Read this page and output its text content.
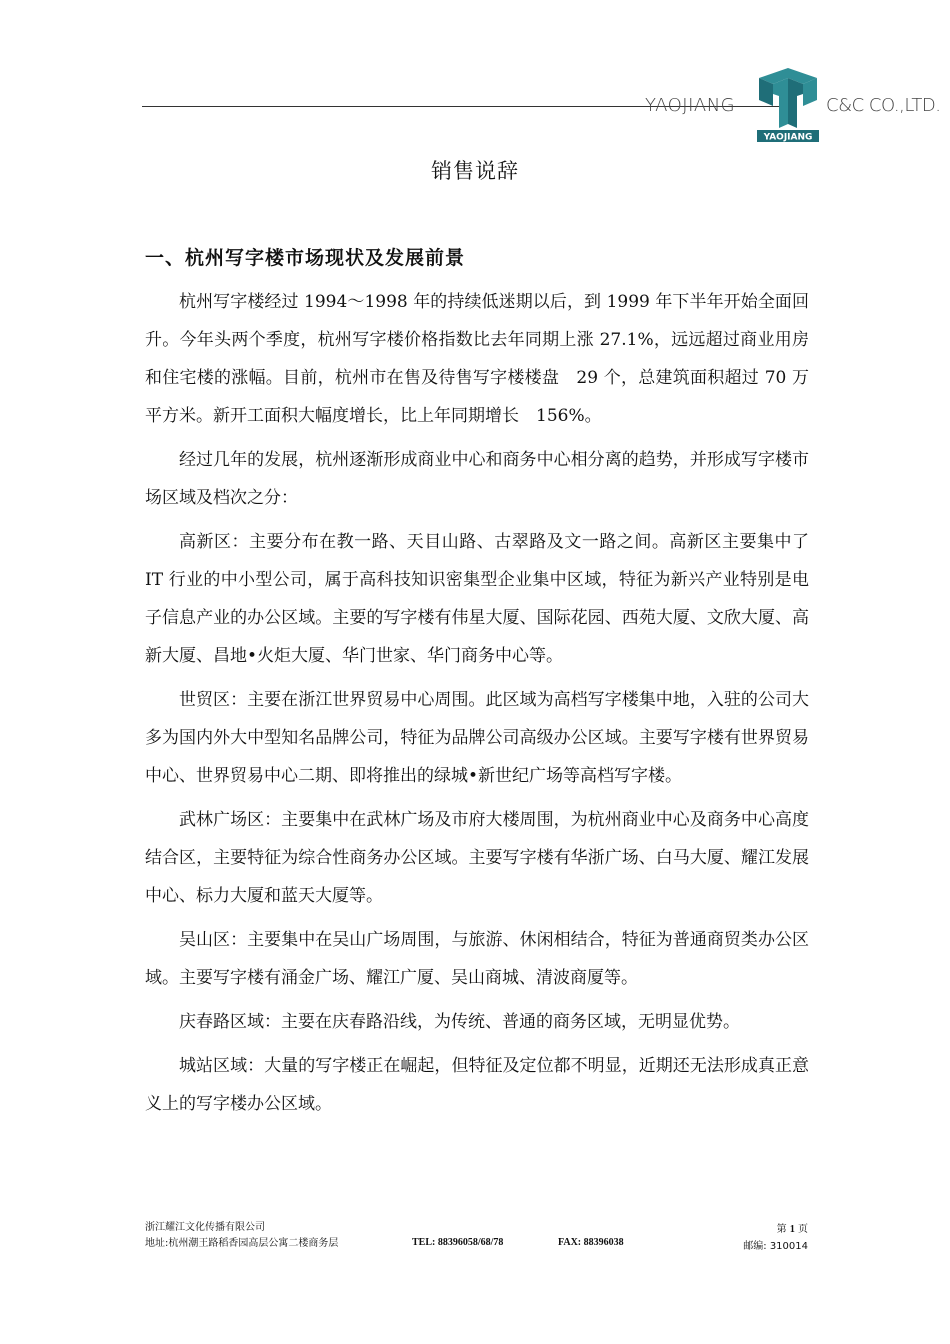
YAOJIANG
YAOJIANG
C&C CO.,LTD.
销售说辞
一、杭州写字楼市场现状及发展前景

杭州写字楼经过 1994～1998 年的持续低迷期以后，到 1999 年下半年开始全面回升。今年头两个季度，杭州写字楼价格指数比去年同期上涨 27.1%，远远超过商业用房和住宅楼的涨幅。目前，杭州市在售及待售写字楼楼盘　29 个，总建筑面积超过 70 万平方米。新开工面积大幅度增长，比上年同期增长　156%。

经过几年的发展，杭州逐渐形成商业中心和商务中心相分离的趋势，并形成写字楼市场区域及档次之分：

高新区：主要分布在教一路、天目山路、古翠路及文一路之间。高新区主要集中了 IT 行业的中小型公司，属于高科技知识密集型企业集中区域，特征为新兴产业特别是电子信息产业的办公区域。主要的写字楼有伟星大厦、国际花园、西苑大厦、文欣大厦、高新大厦、昌地•火炬大厦、华门世家、华门商务中心等。

世贸区：主要在浙江世界贸易中心周围。此区域为高档写字楼集中地，入驻的公司大多为国内外大中型知名品牌公司，特征为品牌公司高级办公区域。主要写字楼有世界贸易中心、世界贸易中心二期、即将推出的绿城•新世纪广场等高档写字楼。

武林广场区：主要集中在武林广场及市府大楼周围，为杭州商业中心及商务中心高度结合区，主要特征为综合性商务办公区域。主要写字楼有华浙广场、白马大厦、耀江发展中心、标力大厦和蓝天大厦等。

吴山区：主要集中在吴山广场周围，与旅游、休闲相结合，特征为普通商贸类办公区域。主要写字楼有涌金广场、耀江广厦、吴山商城、清波商厦等。

庆春路区域：主要在庆春路沿线，为传统、普通的商务区域，无明显优势。

城站区域：大量的写字楼正在崛起，但特征及定位都不明显，近期还无法形成真正意义上的写字楼办公区域。

浙江耀江文化传播有限公司
地址:杭州潮王路稻香园高层公寓二楼商务层	TEL: 88396058/68/78	FAX: 88396038
第 1 页
邮编: 310014
